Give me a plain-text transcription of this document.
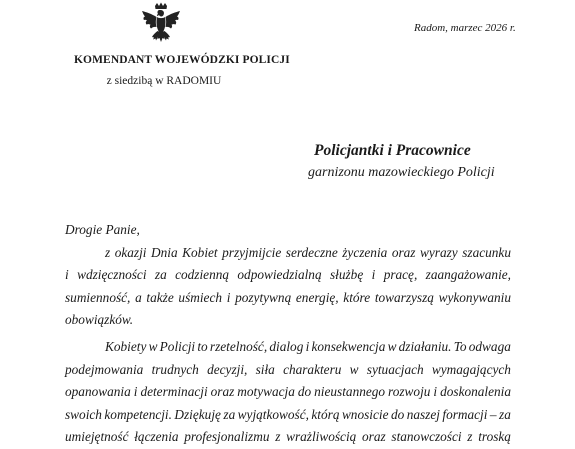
KOMENDANT WOJEWÓDZKI POLICJI
z siedzibą w RADOMIU
Radom, marzec 2026 r.
Policjantki i Pracownice
garnizonu mazowieckiego Policji
Drogie Panie,
z okazji Dnia Kobiet przyjmijcie serdeczne życzenia oraz wyrazy szacunku
i wdzięczności za codzienną odpowiedzialną służbę i pracę, zaangażowanie,
sumienność, a także uśmiech i pozytywną energię, które towarzyszą wykonywaniu
obowiązków.
Kobiety w Policji to rzetelność, dialog i konsekwencja w działaniu. To odwaga
podejmowania trudnych decyzji, siła charakteru w sytuacjach wymagających
opanowania i determinacji oraz motywacja do nieustannego rozwoju i doskonalenia
swoich kompetencji. Dziękuję za wyjątkowość, którą wnosicie do naszej formacji – za
umiejętność łączenia profesjonalizmu z wrażliwością oraz stanowczości z troską
